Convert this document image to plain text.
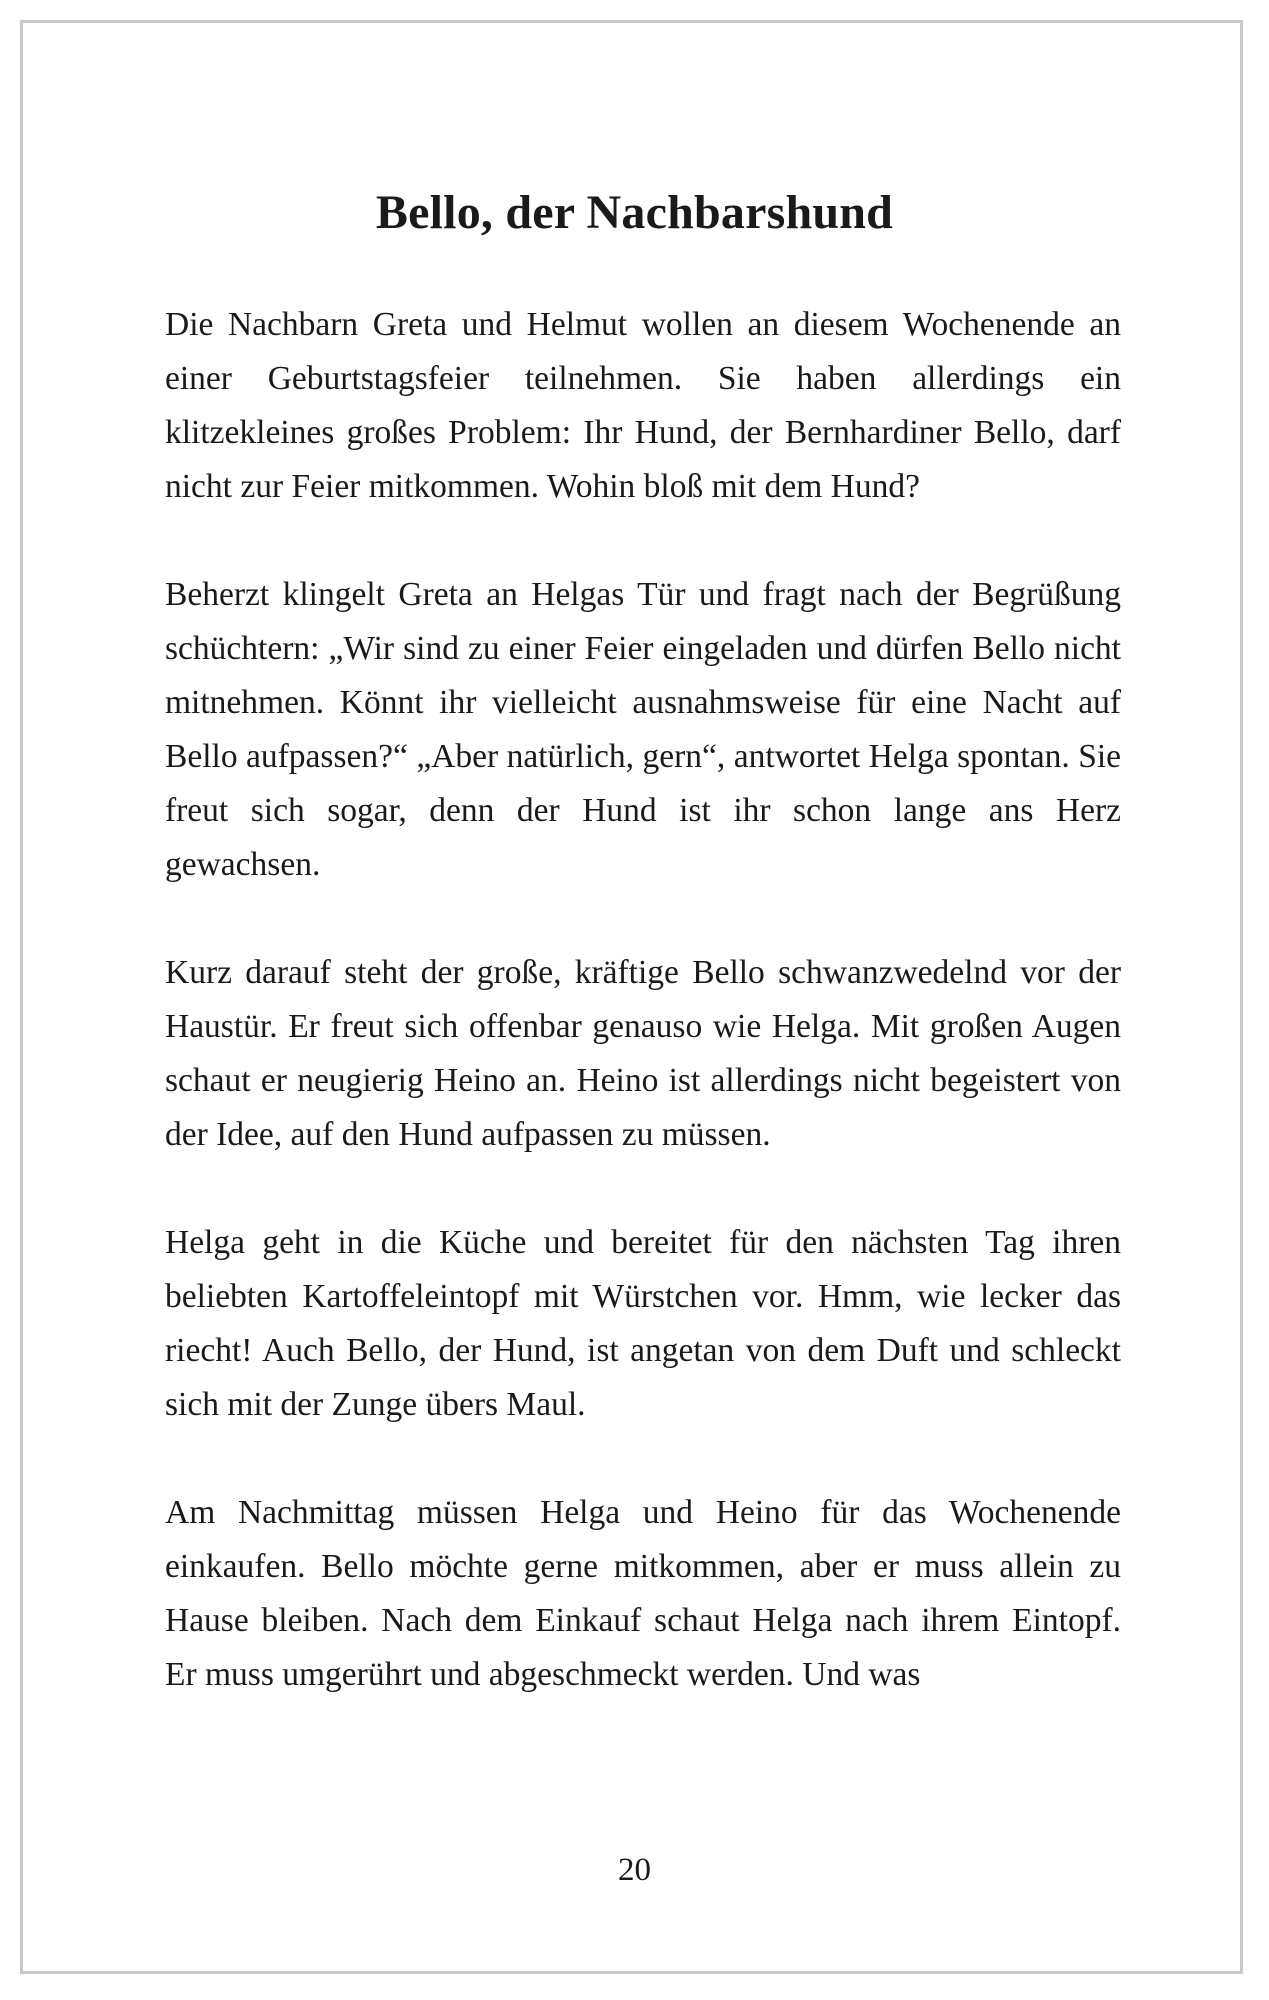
Bello, der Nachbarshund

Die Nachbarn Greta und Helmut wollen an diesem Wochenende an einer Geburtstagsfeier teilnehmen. Sie haben allerdings ein klitzekleines großes Problem: Ihr Hund, der Bernhardiner Bello, darf nicht zur Feier mitkommen. Wohin bloß mit dem Hund?

Beherzt klingelt Greta an Helgas Tür und fragt nach der Begrüßung schüchtern: „Wir sind zu einer Feier eingeladen und dürfen Bello nicht mitnehmen. Könnt ihr vielleicht ausnahmsweise für eine Nacht auf Bello aufpassen?“ „Aber natürlich, gern“, antwortet Helga spontan. Sie freut sich sogar, denn der Hund ist ihr schon lange ans Herz gewachsen.

Kurz darauf steht der große, kräftige Bello schwanzwedelnd vor der Haustür. Er freut sich offenbar genauso wie Helga. Mit großen Augen schaut er neugierig Heino an. Heino ist allerdings nicht begeistert von der Idee, auf den Hund aufpassen zu müssen.

Helga geht in die Küche und bereitet für den nächsten Tag ihren beliebten Kartoffeleintopf mit Würstchen vor. Hmm, wie lecker das riecht! Auch Bello, der Hund, ist angetan von dem Duft und schleckt sich mit der Zunge übers Maul.

Am Nachmittag müssen Helga und Heino für das Wochenende einkaufen. Bello möchte gerne mitkommen, aber er muss allein zu Hause bleiben. Nach dem Einkauf schaut Helga nach ihrem Eintopf. Er muss umgerührt und abgeschmeckt werden. Und was

20
